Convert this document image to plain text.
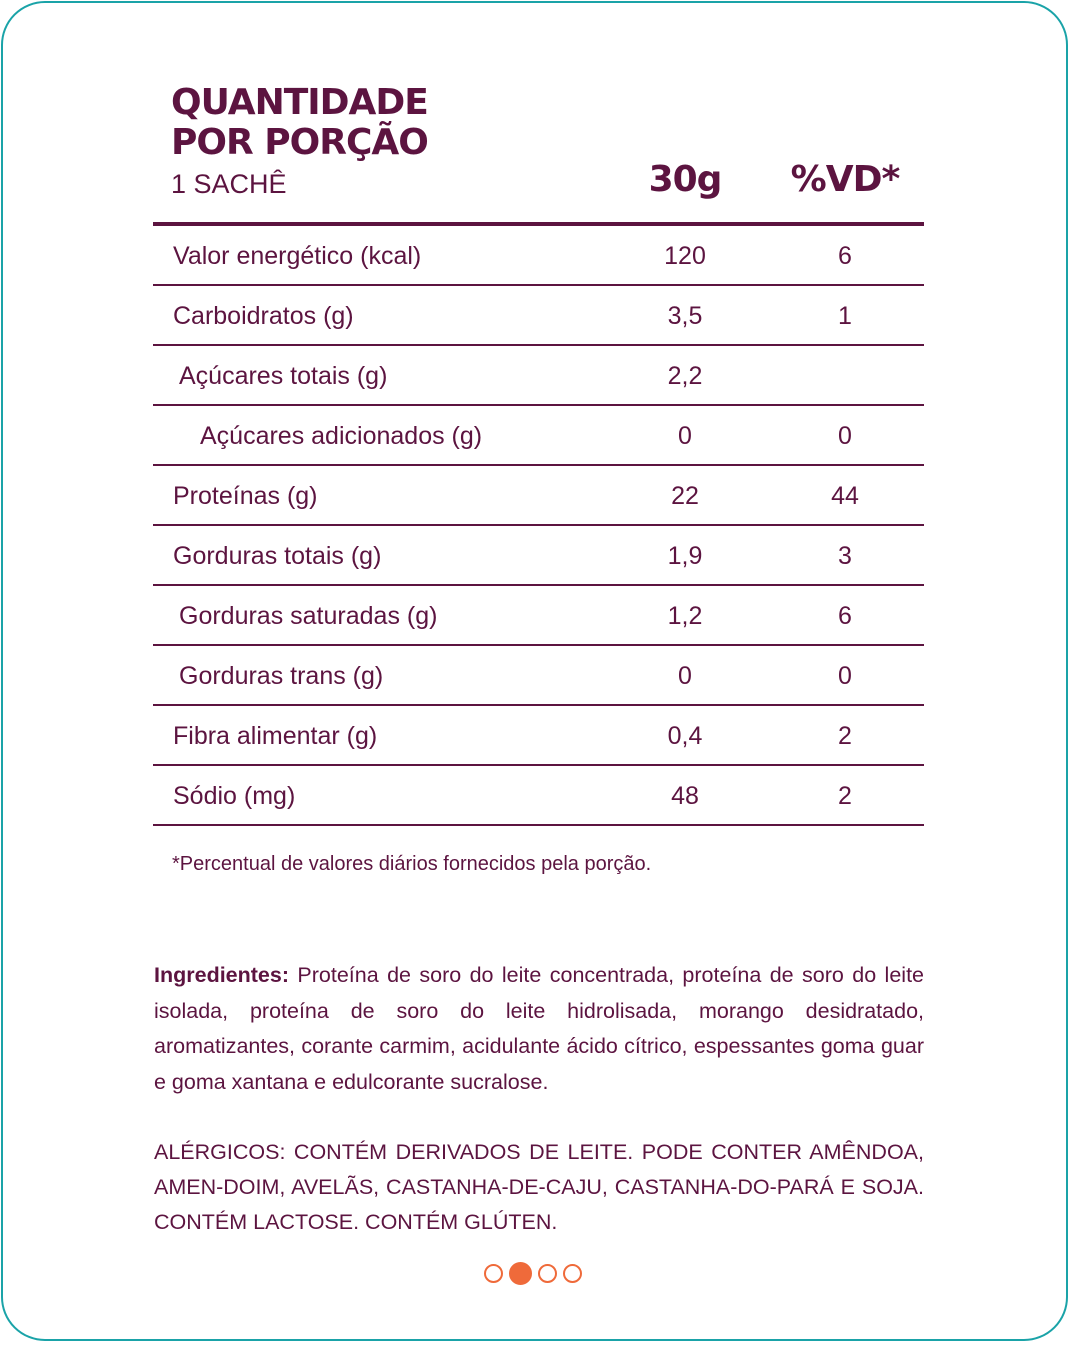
QUANTIDADE
POR PORÇÃO
1 SACHÊ	30g	%VD*
Valor energético (kcal)	120	6
Carboidratos (g)	3,5	1
Açúcares totais (g)	2,2
Açúcares adicionados (g)	0	0
Proteínas (g)	22	44
Gorduras totais (g)	1,9	3
Gorduras saturadas (g)	1,2	6
Gorduras trans (g)	0	0
Fibra alimentar (g)	0,4	2
Sódio (mg)	48	2
*Percentual de valores diários fornecidos pela porção.

Ingredientes: Proteína de soro do leite concentrada, proteína de soro do leite isolada, proteína de soro do leite hidrolisada, morango desidratado, aromatizantes, corante carmim, acidulante ácido cítrico, espessantes goma guar e goma xantana e edulcorante sucralose.

ALÉRGICOS: CONTÉM DERIVADOS DE LEITE. PODE CONTER AMÊNDOA, AMEN-DOIM, AVELÃS, CASTANHA-DE-CAJU, CASTANHA-DO-PARÁ E SOJA. CONTÉM LACTOSE. CONTÉM GLÚTEN.
